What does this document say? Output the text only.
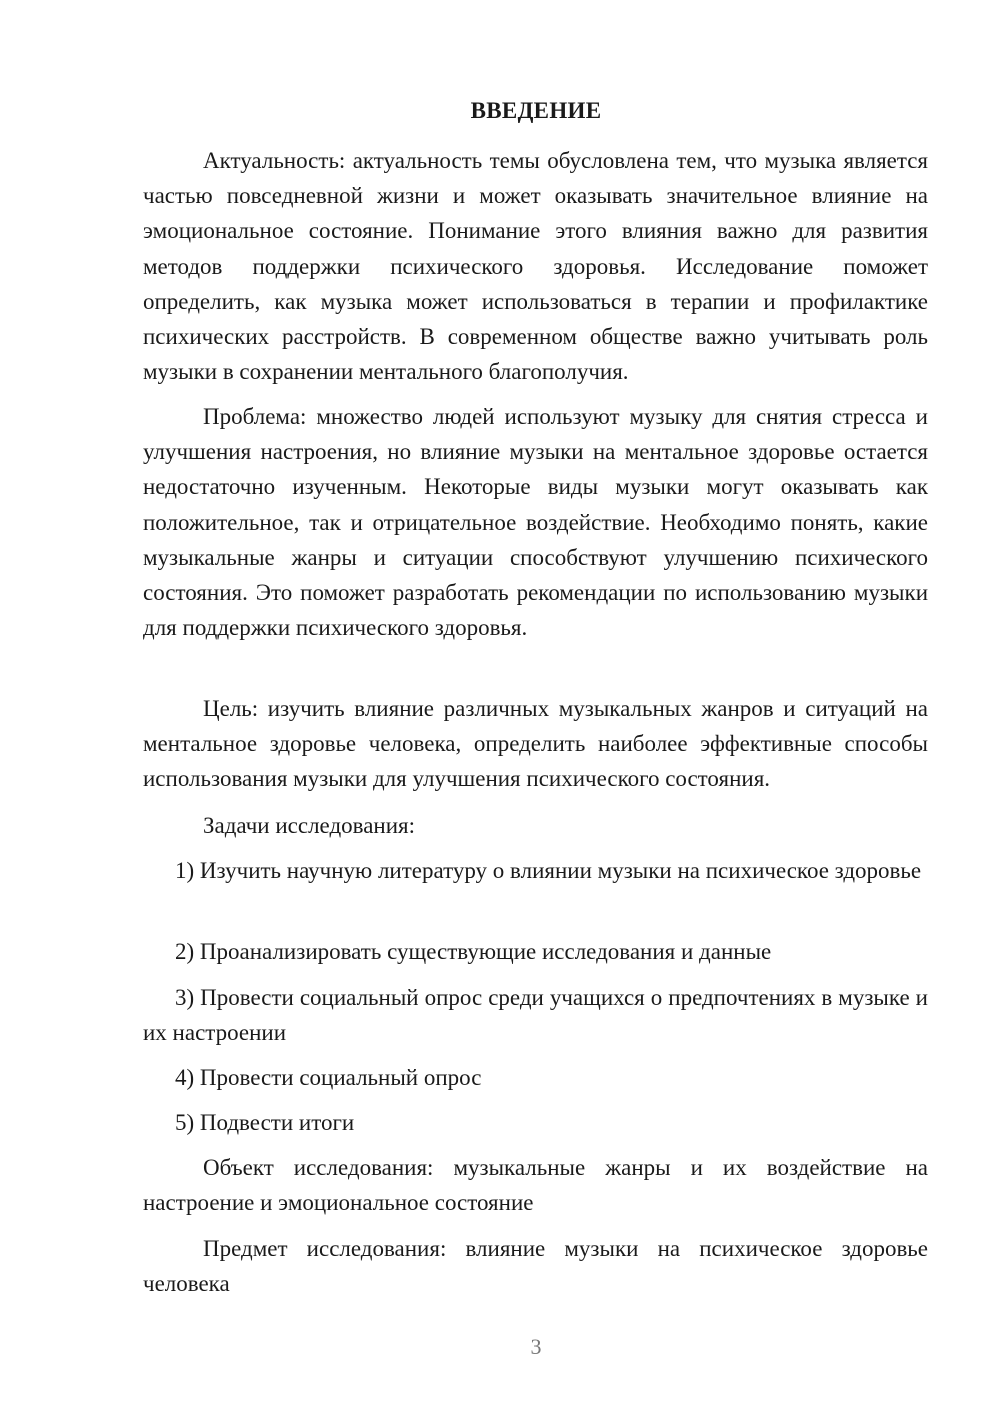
ВВЕДЕНИЕ

Актуальность: актуальность темы обусловлена тем, что музыка является частью повседневной жизни и может оказывать значительное влияние на эмоциональное состояние. Понимание этого влияния важно для развития методов поддержки психического здоровья. Исследование поможет определить, как музыка может использоваться в терапии и профилактике психических расстройств. В современном обществе важно учитывать роль музыки в сохранении ментального благополучия.

Проблема: множество людей используют музыку для снятия стресса и улучшения настроения, но влияние музыки на ментальное здоровье остается недостаточно изученным. Некоторые виды музыки могут оказывать как положительное, так и отрицательное воздействие. Необходимо понять, какие музыкальные жанры и ситуации способствуют улучшению психического состояния. Это поможет разработать рекомендации по использованию музыки для поддержки психического здоровья.

Цель: изучить влияние различных музыкальных жанров и ситуаций на ментальное здоровье человека, определить наиболее эффективные способы использования музыки для улучшения психического состояния.

Задачи исследования:

1) Изучить научную литературу о влиянии музыки на психическое здоровье

2) Проанализировать существующие исследования и данные

3) Провести социальный опрос среди учащихся о предпочтениях в музыке и их настроении

4) Провести социальный опрос

5) Подвести итоги

Объект исследования: музыкальные жанры и их воздействие на настроение и эмоциональное состояние

Предмет исследования: влияние музыки на психическое здоровье человека

3
